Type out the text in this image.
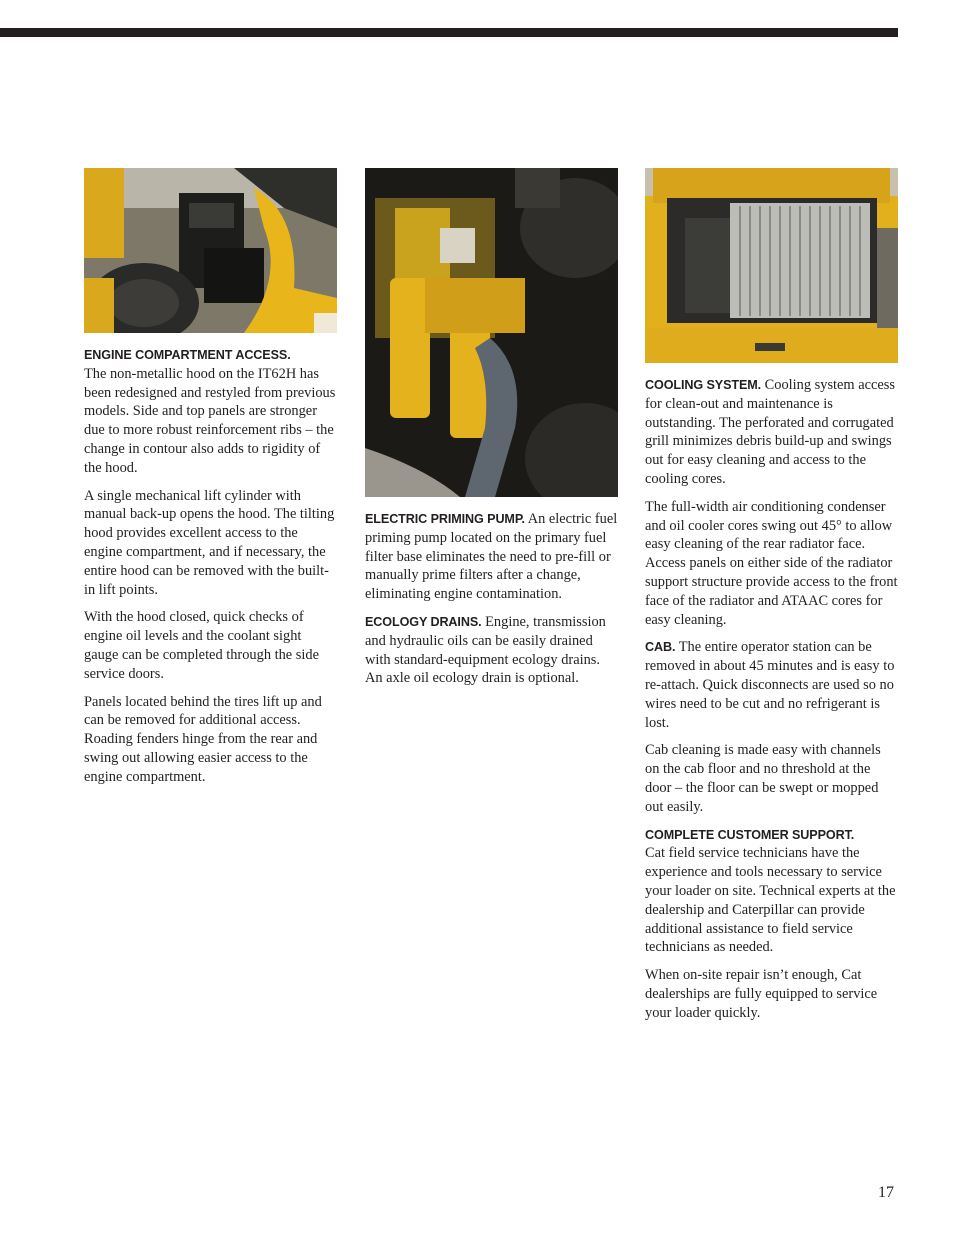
ENGINE COMPARTMENT ACCESS.
The non-metallic hood on the IT62H has been redesigned and restyled from previous models. Side and top panels are stronger due to more robust reinforcement ribs – the change in contour also adds to rigidity of the hood.

A single mechanical lift cylinder with manual back-up opens the hood. The tilting hood provides excellent access to the engine compartment, and if necessary, the entire hood can be removed with the built-in lift points.

With the hood closed, quick checks of engine oil levels and the coolant sight gauge can be completed through the side service doors.

Panels located behind the tires lift up and can be removed for additional access. Roading fenders hinge from the rear and swing out allowing easier access to the engine compartment.

ELECTRIC PRIMING PUMP. An electric fuel priming pump located on the primary fuel filter base eliminates the need to pre-fill or manually prime filters after a change, eliminating engine contamination.

ECOLOGY DRAINS. Engine, transmission and hydraulic oils can be easily drained with standard-equipment ecology drains. An axle oil ecology drain is optional.

COOLING SYSTEM. Cooling system access for clean-out and maintenance is outstanding. The perforated and corrugated grill minimizes debris build-up and swings out for easy cleaning and access to the cooling cores.

The full-width air conditioning condenser and oil cooler cores swing out 45° to allow easy cleaning of the rear radiator face. Access panels on either side of the radiator support structure provide access to the front face of the radiator and ATAAC cores for easy cleaning.

CAB. The entire operator station can be removed in about 45 minutes and is easy to re-attach. Quick disconnects are used so no wires need to be cut and no refrigerant is lost.

Cab cleaning is made easy with channels on the cab floor and no threshold at the door – the floor can be swept or mopped out easily.

COMPLETE CUSTOMER SUPPORT.
Cat field service technicians have the experience and tools necessary to service your loader on site. Technical experts at the dealership and Caterpillar can provide additional assistance to field service technicians as needed.

When on-site repair isn’t enough, Cat dealerships are fully equipped to service your loader quickly.

17
